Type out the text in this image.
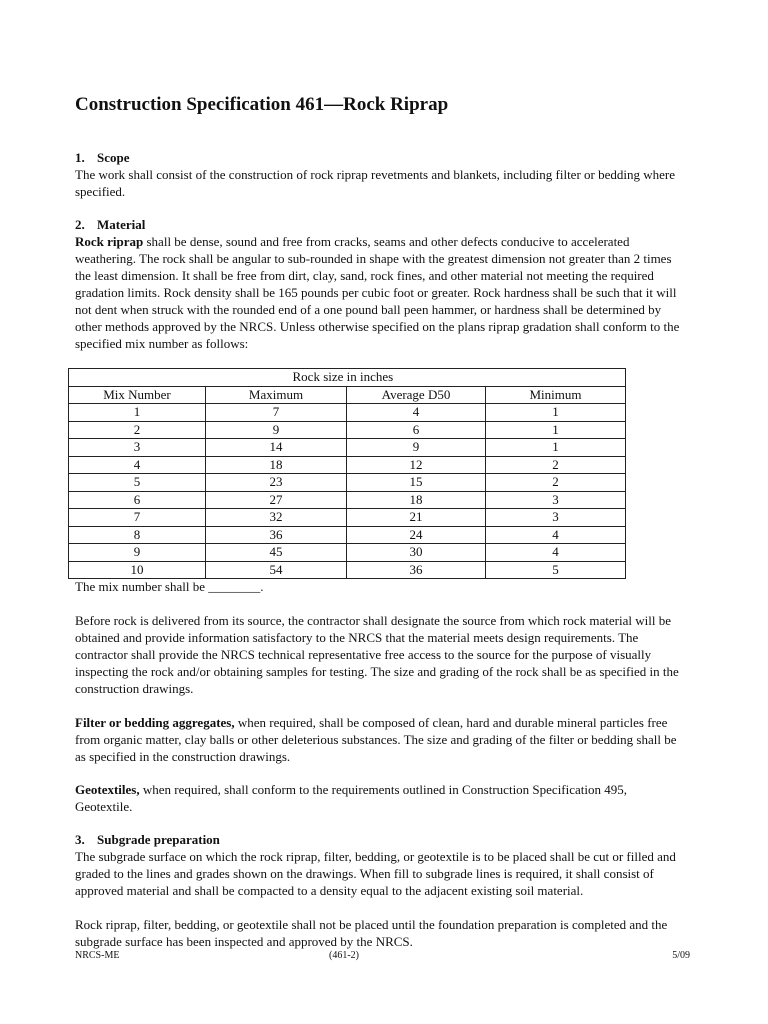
Construction Specification 461—Rock Riprap
1. Scope

The work shall consist of the construction of rock riprap revetments and blankets, including filter or bedding where specified.

2. Material

Rock riprap shall be dense, sound and free from cracks, seams and other defects conducive to accelerated weathering. The rock shall be angular to sub-rounded in shape with the greatest dimension not greater than 2 times the least dimension. It shall be free from dirt, clay, sand, rock fines, and other material not meeting the required gradation limits. Rock density shall be 165 pounds per cubic foot or greater. Rock hardness shall be such that it will not dent when struck with the rounded end of a one pound ball peen hammer, or hardness shall be determined by other methods approved by the NRCS. Unless otherwise specified on the plans riprap gradation shall conform to the specified mix number as follows:

	Rock size in inches		
Mix Number	Maximum	Average D50	Minimum
1	7	4	1
2	9	6	1
3	14	9	1
4	18	12	2
5	23	15	2
6	27	18	3
7	32	21	3
8	36	24	4
9	45	30	4
10	54	36	5
The mix number shall be ________.

Before rock is delivered from its source, the contractor shall designate the source from which rock material will be obtained and provide information satisfactory to the NRCS that the material meets design requirements. The contractor shall provide the NRCS technical representative free access to the source for the purpose of visually inspecting the rock and/or obtaining samples for testing. The size and grading of the rock shall be as specified in the construction drawings.

Filter or bedding aggregates, when required, shall be composed of clean, hard and durable mineral particles free from organic matter, clay balls or other deleterious substances. The size and grading of the filter or bedding shall be as specified in the construction drawings.

Geotextiles, when required, shall conform to the requirements outlined in Construction Specification 495, Geotextile.

3. Subgrade preparation

The subgrade surface on which the rock riprap, filter, bedding, or geotextile is to be placed shall be cut or filled and graded to the lines and grades shown on the drawings. When fill to subgrade lines is required, it shall consist of approved material and shall be compacted to a density equal to the adjacent existing soil material.

Rock riprap, filter, bedding, or geotextile shall not be placed until the foundation preparation is completed and the subgrade surface has been inspected and approved by the NRCS.

NRCS-ME	(461-2)	5/09
